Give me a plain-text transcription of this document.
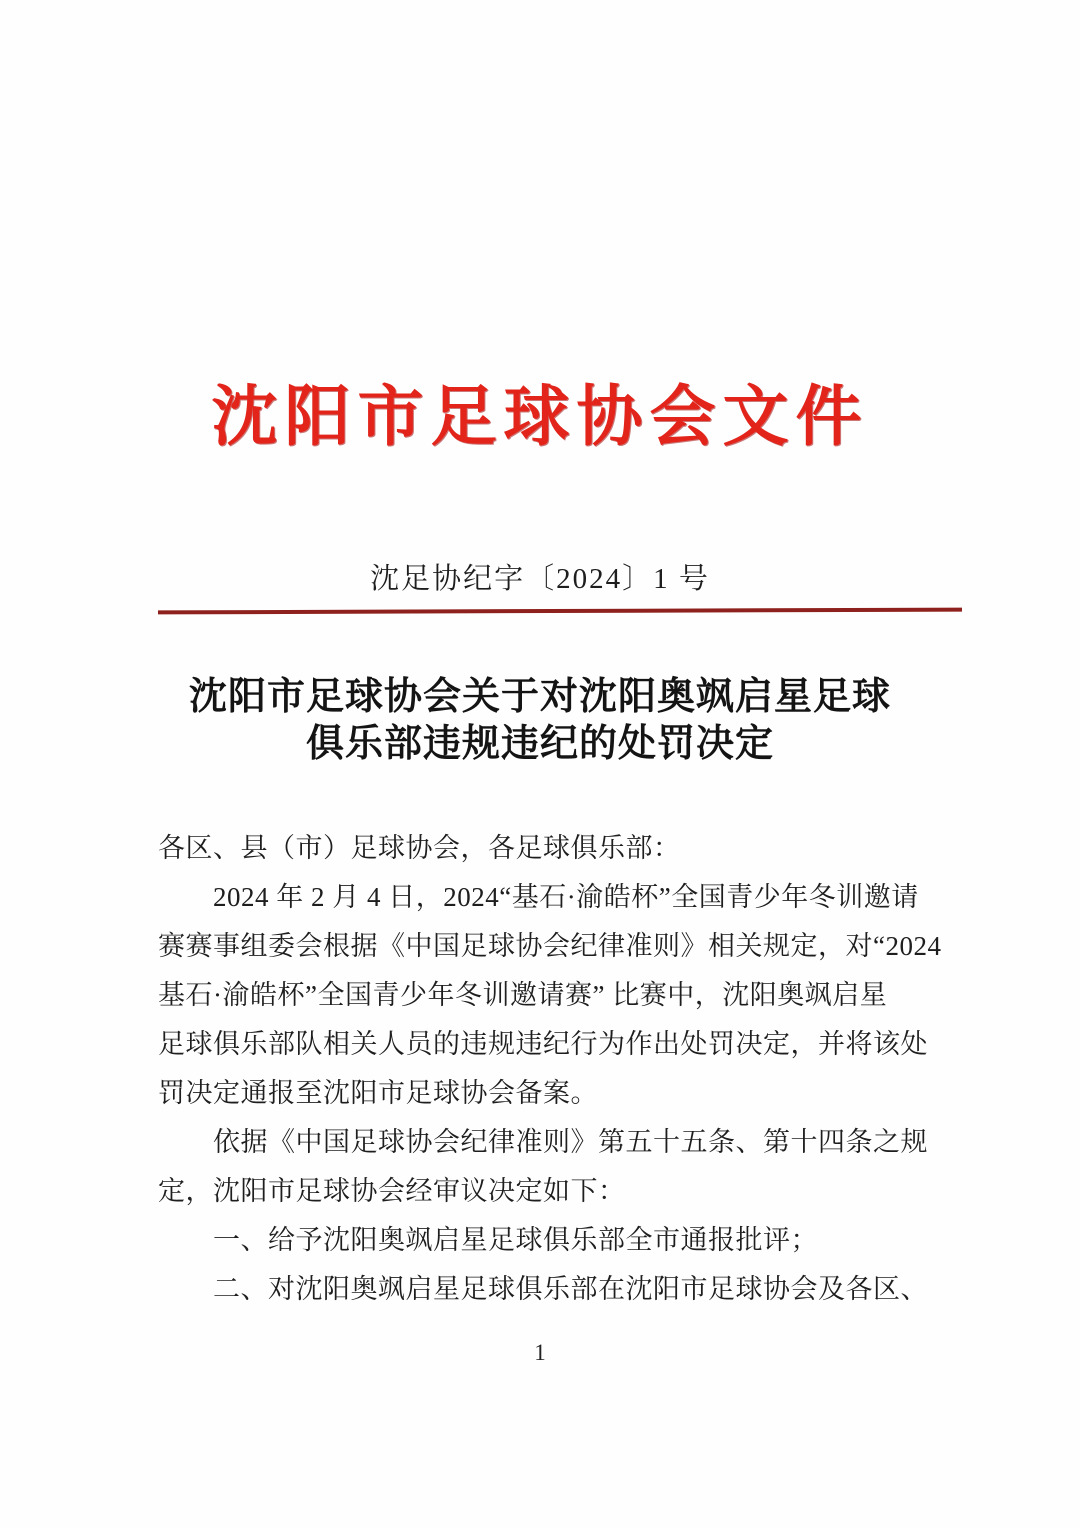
沈阳市足球协会文件
沈足协纪字〔2024〕1 号
沈阳市足球协会关于对沈阳奥飒启星足球
俱乐部违规违纪的处罚决定
各区、县（市）足球协会，各足球俱乐部：
　　2024 年 2 月 4 日，2024“基石·渝皓杯”全国青少年冬训邀请
赛赛事组委会根据《中国足球协会纪律准则》相关规定，对“2024
基石·渝皓杯”全国青少年冬训邀请赛” 比赛中，沈阳奥飒启星
足球俱乐部队相关人员的违规违纪行为作出处罚决定，并将该处
罚决定通报至沈阳市足球协会备案。
　　依据《中国足球协会纪律准则》第五十五条、第十四条之规
定，沈阳市足球协会经审议决定如下：
　　一、给予沈阳奥飒启星足球俱乐部全市通报批评；
　　二、对沈阳奥飒启星足球俱乐部在沈阳市足球协会及各区、
1
